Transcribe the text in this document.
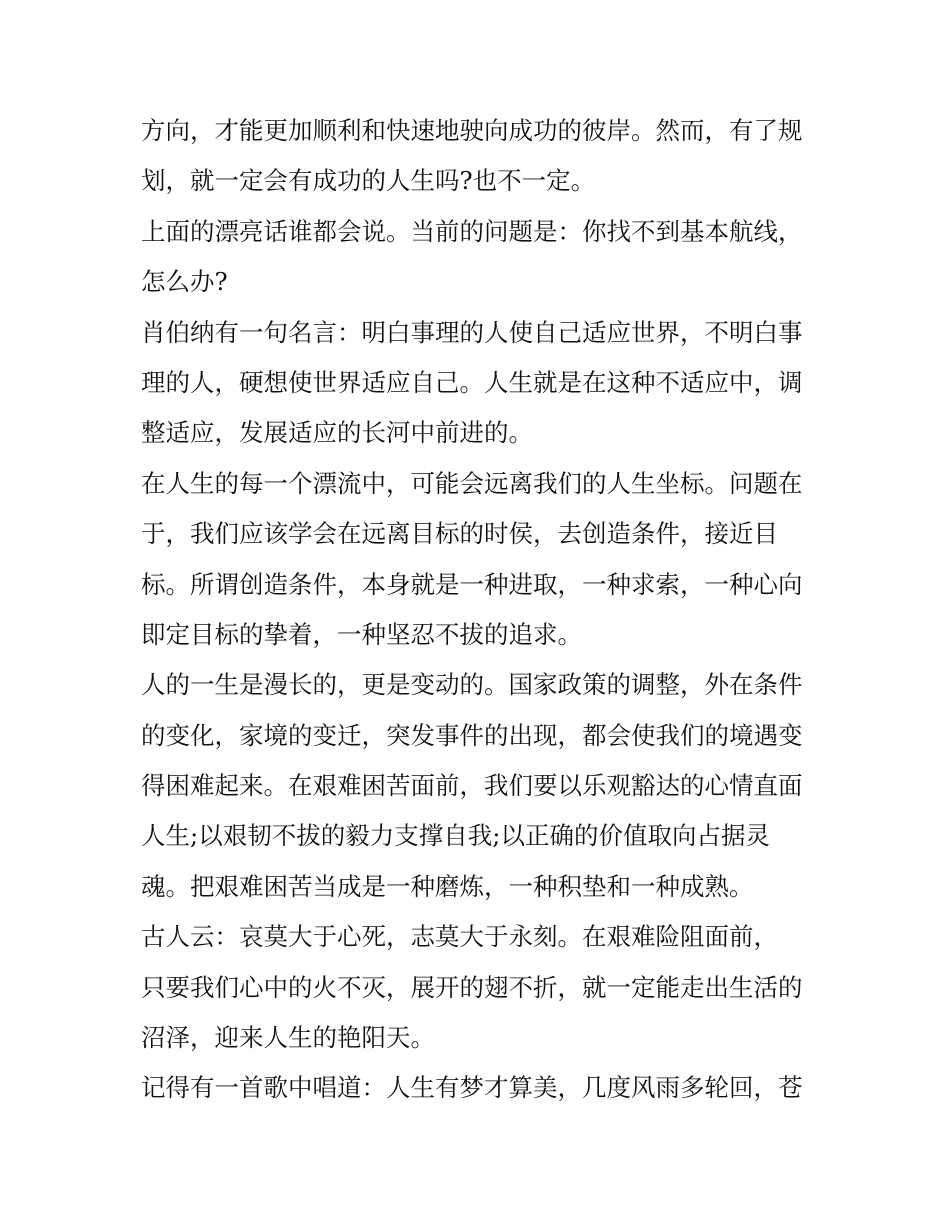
方向，才能更加顺利和快速地驶向成功的彼岸。然而，有了规
划，就一定会有成功的人生吗?也不一定。
上面的漂亮话谁都会说。当前的问题是：你找不到基本航线，
怎么办?
肖伯纳有一句名言：明白事理的人使自己适应世界，不明白事
理的人，硬想使世界适应自己。人生就是在这种不适应中，调
整适应，发展适应的长河中前进的。
在人生的每一个漂流中，可能会远离我们的人生坐标。问题在
于，我们应该学会在远离目标的时侯，去创造条件，接近目
标。所谓创造条件，本身就是一种进取，一种求索，一种心向
即定目标的挚着，一种坚忍不拔的追求。
人的一生是漫长的，更是变动的。国家政策的调整，外在条件
的变化，家境的变迁，突发事件的出现，都会使我们的境遇变
得困难起来。在艰难困苦面前，我们要以乐观豁达的心情直面
人生;以艰韧不拔的毅力支撑自我;以正确的价值取向占据灵
魂。把艰难困苦当成是一种磨炼，一种积垫和一种成熟。
古人云：哀莫大于心死，志莫大于永刻。在艰难险阻面前，
只要我们心中的火不灭，展开的翅不折，就一定能走出生活的
沼泽，迎来人生的艳阳天。
记得有一首歌中唱道：人生有梦才算美，几度风雨多轮回，苍
